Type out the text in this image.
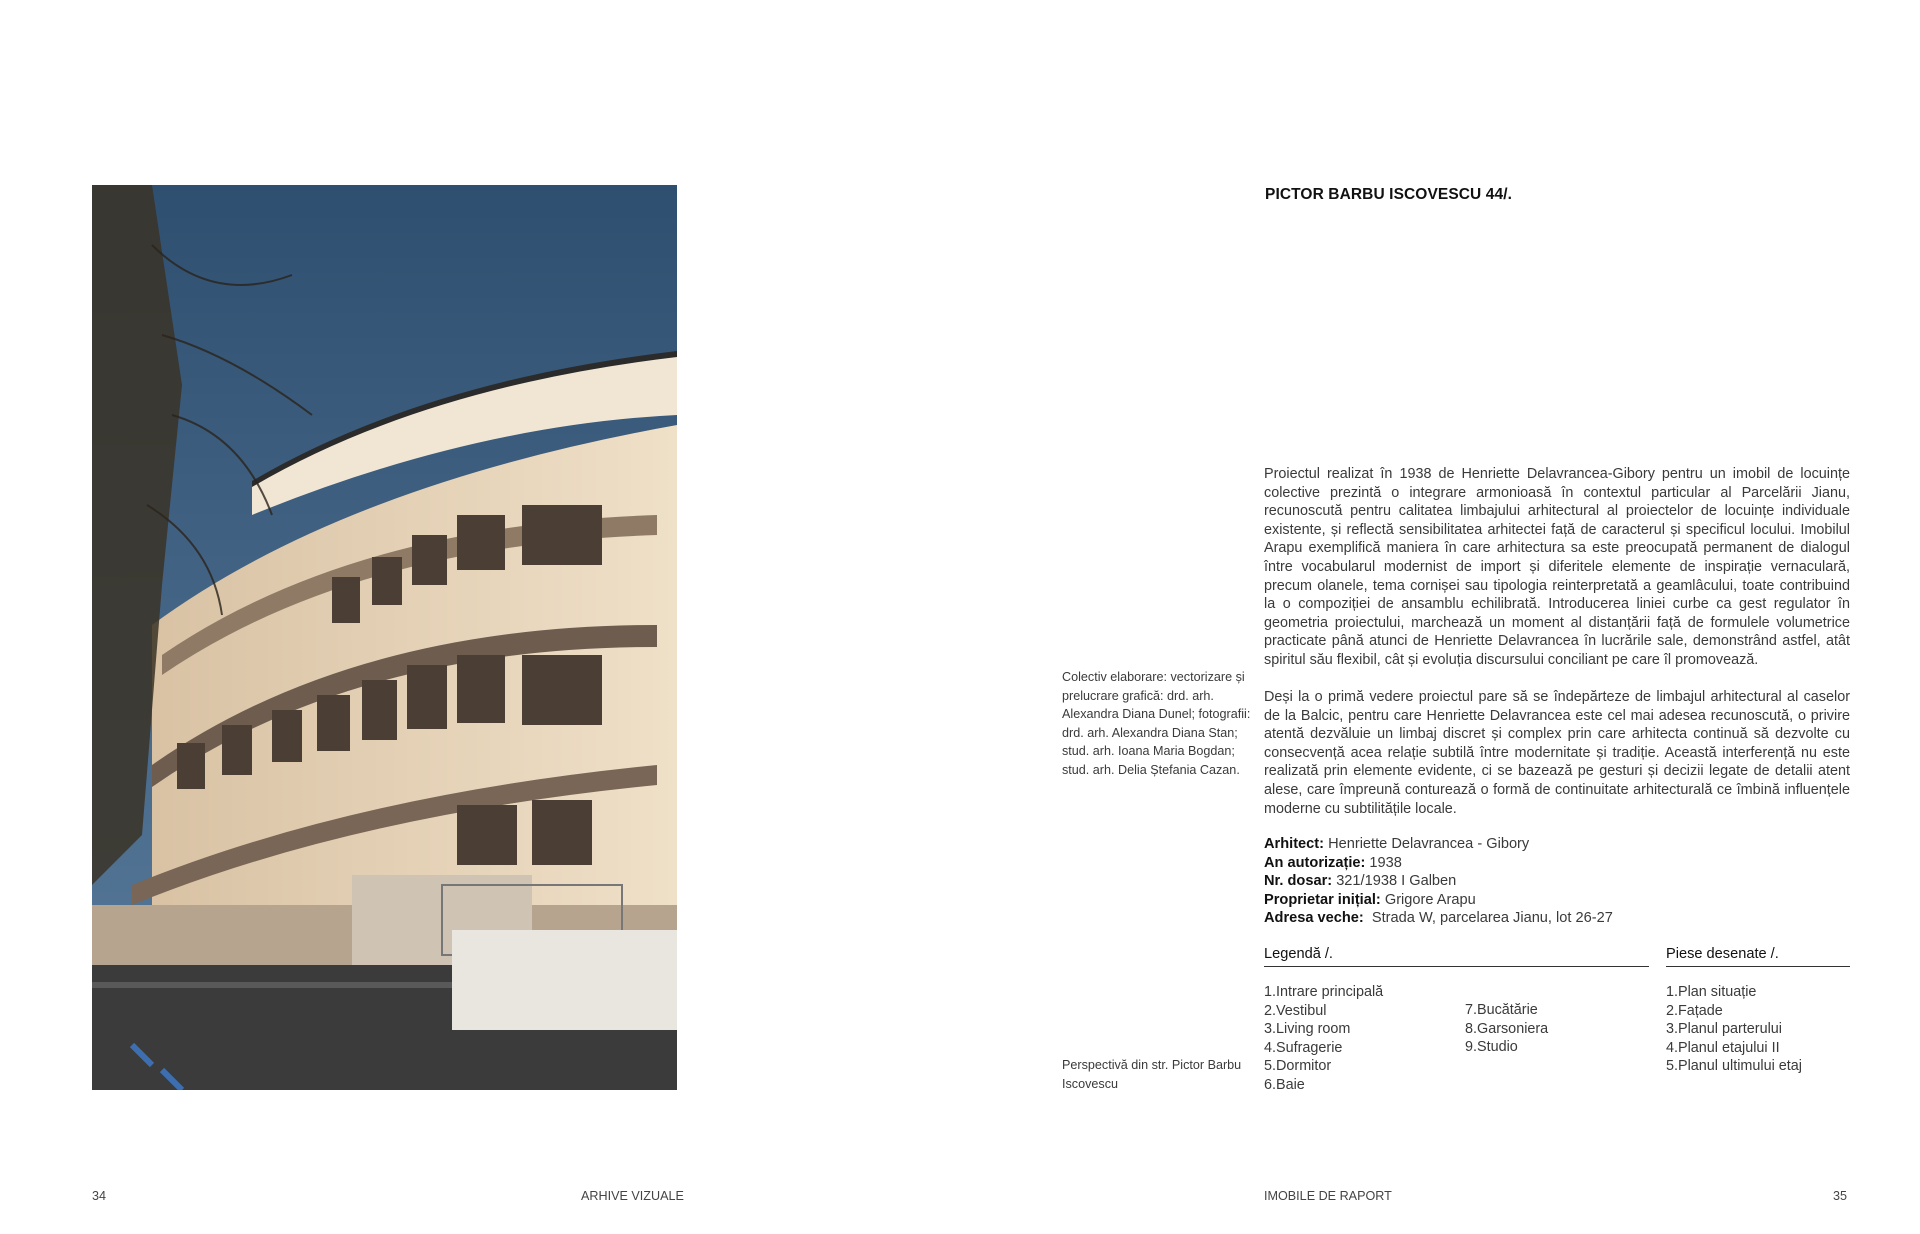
Colectiv elaborare: vectorizare și prelucrare grafică: drd. arh. Alexandra Diana Dunel; fotografii: drd. arh. Alexandra Diana Stan; stud. arh. Ioana Maria Bogdan; stud. arh. Delia Ștefania Cazan.
Perspectivă din str. Pictor Barbu Iscovescu
PICTOR BARBU ISCOVESCU 44/.
Proiectul realizat în 1938 de Henriette Delavrancea-Gibory pentru un imobil de locuințe colective prezintă o integrare armonioasă în contextul particular al Parcelării Jianu, recunoscută pentru calitatea limbajului arhitectural al proiectelor de locuințe individuale existente, și reflectă sensibilitatea arhitectei față de caracterul și specificul locului. Imobilul Arapu exemplifică maniera în care arhitectura sa este preocupată permanent de dialogul între vocabularul modernist de import și diferitele elemente de inspirație vernaculară, precum olanele, tema cornișei sau tipologia reinterpretată a geamlâcului, toate contribuind la o compoziției de ansamblu echilibrată. Introducerea liniei curbe ca gest regulator în geometria proiectului, marchează un moment al distanțării față de formulele volumetrice practicate până atunci de Henriette Delavrancea în lucrările sale, demonstrând astfel, atât spiritul său flexibil, cât și evoluția discursului conciliant pe care îl promovează.
Deși la o primă vedere proiectul pare să se îndepărteze de limbajul arhitectural al caselor de la Balcic, pentru care Henriette Delavrancea este cel mai adesea recunoscută, o privire atentă dezvăluie un limbaj discret și complex prin care arhitecta continuă să dezvolte cu consecvență acea relație subtilă între modernitate și tradiție. Această interferență nu este realizată prin elemente evidente, ci se bazează pe gesturi și decizii legate de detalii atent alese, care împreună conturează o formă de continuitate arhitecturală ce îmbină influențele moderne cu subtilitățile locale.
Arhitect: Henriette Delavrancea - Gibory
An autorizație: 1938
Nr. dosar: 321/1938 I Galben
Proprietar inițial: Grigore Arapu
Adresa veche:  Strada W, parcelarea Jianu, lot 26-27
Legendă /.	Piese desenate /.
1.Intrare principală
2.Vestibul
3.Living room
4.Sufragerie
5.Dormitor
6.Baie
7.Bucătărie
8.Garsoniera
9.Studio
1.Plan situație
2.Fațade
3.Planul parterului
4.Planul etajului II
5.Planul ultimului etaj
34	ARHIVE VIZUALE	IMOBILE DE RAPORT	35
